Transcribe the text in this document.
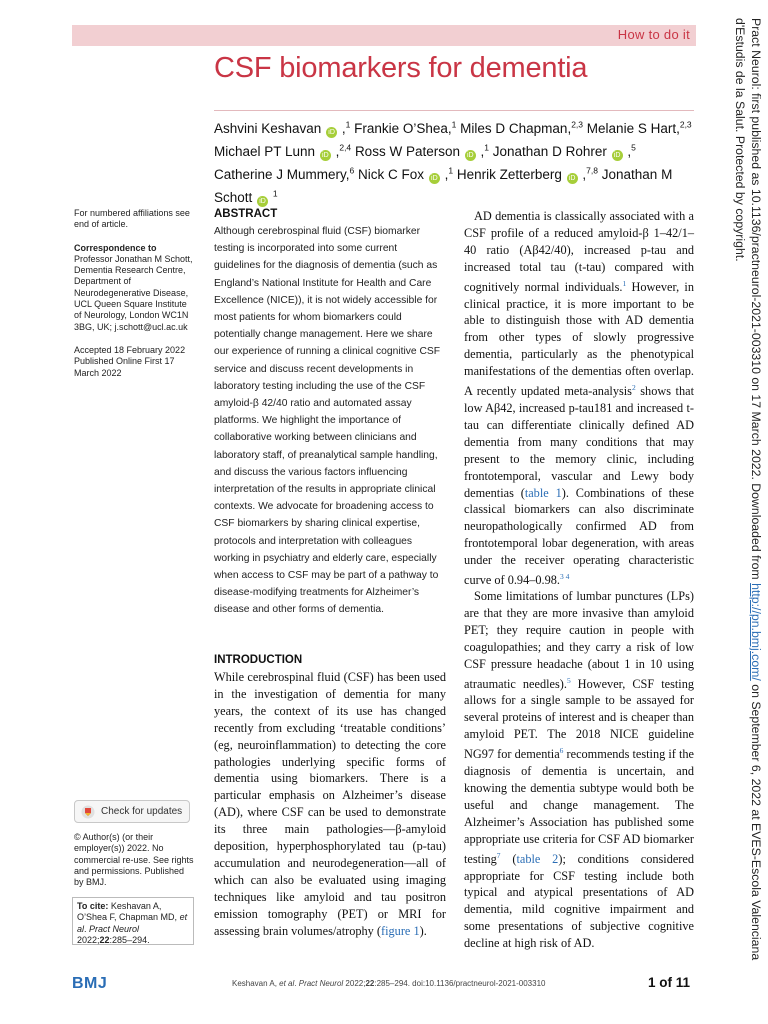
How to do it
CSF biomarkers for dementia
Ashvini Keshavan iD ,$^1$ Frankie O’Shea,$^1$ Miles D Chapman,$^{2,3}$ Melanie S Hart,$^{2,3}$ Michael PT Lunn iD ,$^{2,4}$ Ross W Paterson iD ,$^1$ Jonathan D Rohrer iD ,$^5$ Catherine J Mummery,$^6$ Nick C Fox iD ,$^1$ Henrik Zetterberg iD ,$^{7,8}$ Jonathan M Schott iD $^1$

For numbered affiliations see end of article.

Correspondence to

Professor Jonathan M Schott, Dementia Research Centre, Department of Neurodegenerative Disease, UCL Queen Square Institute of Neurology, London WC1N 3BG, UK; j.schott@ucl.ac.uk

Accepted 18 February 2022

Published Online First 17 March 2022

Check for updates
© Author(s) (or their employer(s)) 2022. No commercial re-use. See rights and permissions. Published by BMJ.
To cite: Keshavan A, O’Shea F, Chapman MD, et al. Pract Neurol 2022;22:285–294.
ABSTRACT

Although cerebrospinal fluid (CSF) biomarker testing is incorporated into some current guidelines for the diagnosis of dementia (such as England’s National Institute for Health and Care Excellence (NICE)), it is not widely accessible for most patients for whom biomarkers could potentially change management. Here we share our experience of running a clinical cognitive CSF service and discuss recent developments in laboratory testing including the use of the CSF amyloid-β 42/40 ratio and automated assay platforms. We highlight the importance of collaborative working between clinicians and laboratory staff, of preanalytical sample handling, and discuss the various factors influencing interpretation of the results in appropriate clinical contexts. We advocate for broadening access to CSF biomarkers by sharing clinical expertise, protocols and interpretation with colleagues working in psychiatry and elderly care, especially when access to CSF may be part of a pathway to disease-modifying treatments for Alzheimer’s disease and other forms of dementia.

INTRODUCTION

While cerebrospinal fluid (CSF) has been used in the investigation of dementia for many years, the context of its use has changed recently from excluding ‘treatable conditions’ (eg, neuroinflammation) to detecting the core pathologies underlying specific forms of dementia using biomarkers. There is a particular emphasis on Alzheimer’s disease (AD), where CSF can be used to demonstrate its three main pathologies—β-amyloid deposition, hyperphosphorylated tau (p-tau) accumulation and neurodegeneration—all of which can also be evaluated using imaging techniques like amyloid and tau positron emission tomography (PET) or MRI for assessing brain volumes/atrophy (figure 1).

AD dementia is classically associated with a CSF profile of a reduced amyloid-β 1–42/1–40 ratio (Aβ42/40), increased p-tau and increased total tau (t-tau) compared with cognitively normal individuals.$^1$ However, in clinical practice, it is more important to be able to distinguish those with AD dementia from other types of slowly progressive dementia, particularly as the phenotypical manifestations of the dementias often overlap. A recently updated meta-analysis$^2$ shows that low Aβ42, increased p-tau181 and increased t-tau can differentiate clinically defined AD dementia from many conditions that may present to the memory clinic, including frontotemporal, vascular and Lewy body dementias (table 1). Combinations of these classical biomarkers can also discriminate neuropathologically confirmed AD from frontotemporal lobar degeneration, with areas under the receiver operating characteristic curve of 0.94–0.98.$^{3 4}$

Some limitations of lumbar punctures (LPs) are that they are more invasive than amyloid PET; they require caution in people with coagulopathies; and they carry a risk of low CSF pressure headache (about 1 in 10 using atraumatic needles).$^5$ However, CSF testing allows for a single sample to be assayed for several proteins of interest and is cheaper than amyloid PET. The 2018 NICE guideline NG97 for dementia$^6$ recommends testing if the diagnosis of dementia is uncertain, and knowing the dementia subtype would both be useful and change management. The Alzheimer’s Association has published some appropriate use criteria for CSF AD biomarker testing$^7$ (table 2); conditions considered appropriate for CSF testing include both typical and atypical presentations of AD dementia, mild cognitive impairment and some presentations of subjective cognitive decline at high risk of AD.

BMJ	Keshavan A, et al. Pract Neurol 2022;22:285–294. doi:10.1136/practneurol-2021-003310	1 of 11
Pract Neurol: first published as 10.1136/practneurol-2021-003310 on 17 March 2022. Downloaded from http://pn.bmj.com/ on September 6, 2022 at EVES-Escola Valenciana d'Estudis de la Salut. Protected by copyright.
